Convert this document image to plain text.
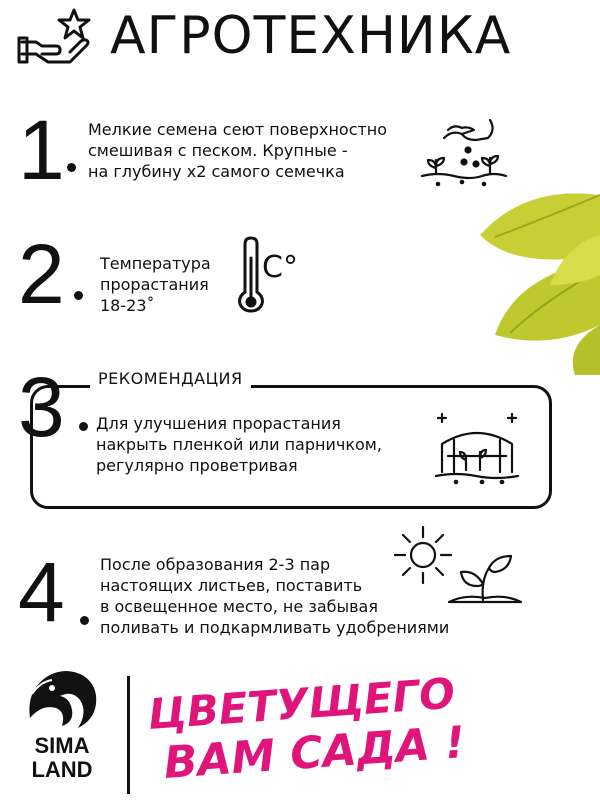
АГРОТЕХНИКА
1 Мелкие семена сеют поверхностно
смешивая с песком. Крупные -
на глубину х2 самого семечка
2 Температура
прорастания
18-23˚
C°
3	РЕКОМЕНДАЦИЯ
Для улучшения прорастания
накрыть пленкой или парничком,
регулярно проветривая
4 После образования 2-3 пар
настоящих листьев, поставить
в освещенное место, не забывая
поливать и подкармливать удобрениями
SIMA
LAND
ЦВЕТУЩЕГО
ВАМ САДА !
